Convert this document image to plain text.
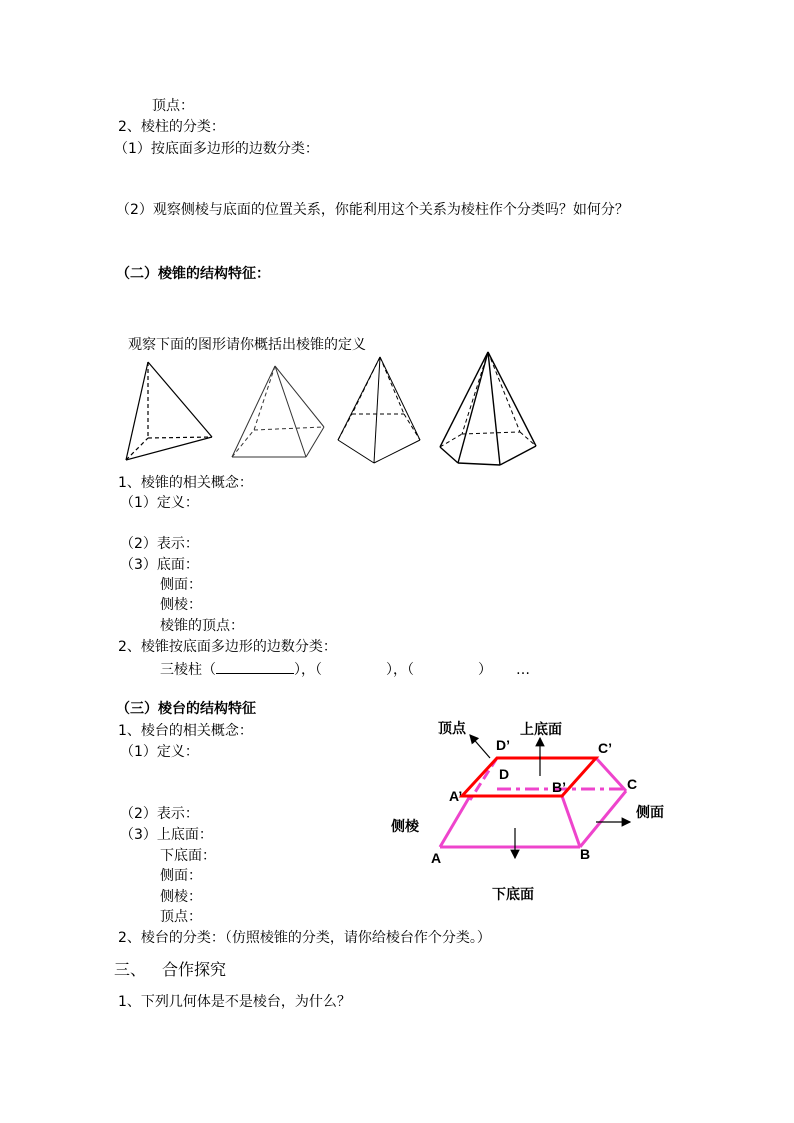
顶点：
2、棱柱的分类：
（1）按底面多边形的边数分类：
（2）观察侧棱与底面的位置关系，你能利用这个关系为棱柱作个分类吗？如何分？
（二）棱锥的结构特征：
观察下面的图形请你概括出棱锥的定义
1、棱锥的相关概念：
（1）定义：
（2）表示：
（3）底面：
侧面：
侧棱：
棱锥的顶点：
2、棱锥按底面多边形的边数分类：
三棱柱（	），（	），（	） …
（三）棱台的结构特征
1、棱台的相关概念：
（1）定义：
（2）表示：
（3）上底面：
下底面：
侧面：
侧棱：
顶点：
2、棱台的分类：（仿照棱锥的分类，请你给棱台作个分类。）
顶点	上底面
侧面
侧棱
下底面
D’	C’
D
B’	C
A’
A	B
三、 合作探究
1、下列几何体是不是棱台，为什么？
